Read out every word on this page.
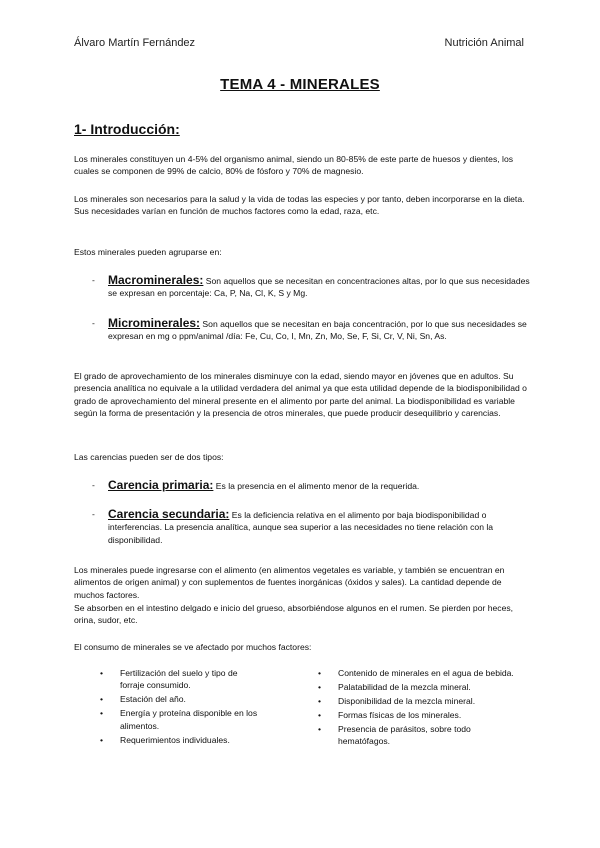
Álvaro Martín Fernández	Nutrición Animal
TEMA 4 - MINERALES
1- Introducción:
Los minerales constituyen un 4-5% del organismo animal, siendo un 80-85% de este parte de huesos y dientes, los cuales se componen de 99% de calcio, 80% de fósforo y 70% de magnesio.
Los minerales son necesarios para la salud y la vida de todas las especies y por tanto, deben incorporarse en la dieta. Sus necesidades varían en función de muchos factores como la edad, raza, etc.
Estos minerales pueden agruparse en:
- Macrominerales: Son aquellos que se necesitan en concentraciones altas, por lo que sus necesidades se expresan en porcentaje: Ca, P, Na, Cl, K, S y Mg.
- Microminerales: Son aquellos que se necesitan en baja concentración, por lo que sus necesidades se expresan en mg o ppm/animal /día: Fe, Cu, Co, I, Mn, Zn, Mo, Se, F, Si, Cr, V, Ni, Sn, As.
El grado de aprovechamiento de los minerales disminuye con la edad, siendo mayor en jóvenes que en adultos. Su presencia analítica no equivale a la utilidad verdadera del animal ya que esta utilidad depende de la biodisponibilidad o grado de aprovechamiento del mineral presente en el alimento por parte del animal. La biodisponibilidad es variable según la forma de presentación y la presencia de otros minerales, que puede producir desequilibrio y carencias.
Las carencias pueden ser de dos tipos:
- Carencia primaria: Es la presencia en el alimento menor de la requerida.
- Carencia secundaria: Es la deficiencia relativa en el alimento por baja biodisponibilidad o interferencias. La presencia analítica, aunque sea superior a las necesidades no tiene relación con la disponibilidad.
Los minerales puede ingresarse con el alimento (en alimentos vegetales es variable, y también se encuentran en alimentos de origen animal) y con suplementos de fuentes inorgánicas (óxidos y sales). La cantidad depende de muchos factores.
Se absorben en el intestino delgado e inicio del grueso, absorbiéndose algunos en el rumen. Se pierden por heces, orina, sudor, etc.
El consumo de minerales se ve afectado por muchos factores:
• Fertilización del suelo y tipo de forraje consumido.
• Estación del año.
• Energía y proteína disponible en los alimentos.
• Requerimientos individuales.
• Contenido de minerales en el agua de bebida.
• Palatabilidad de la mezcla mineral.
• Disponibilidad de la mezcla mineral.
• Formas físicas de los minerales.
• Presencia de parásitos, sobre todo hematófagos.
